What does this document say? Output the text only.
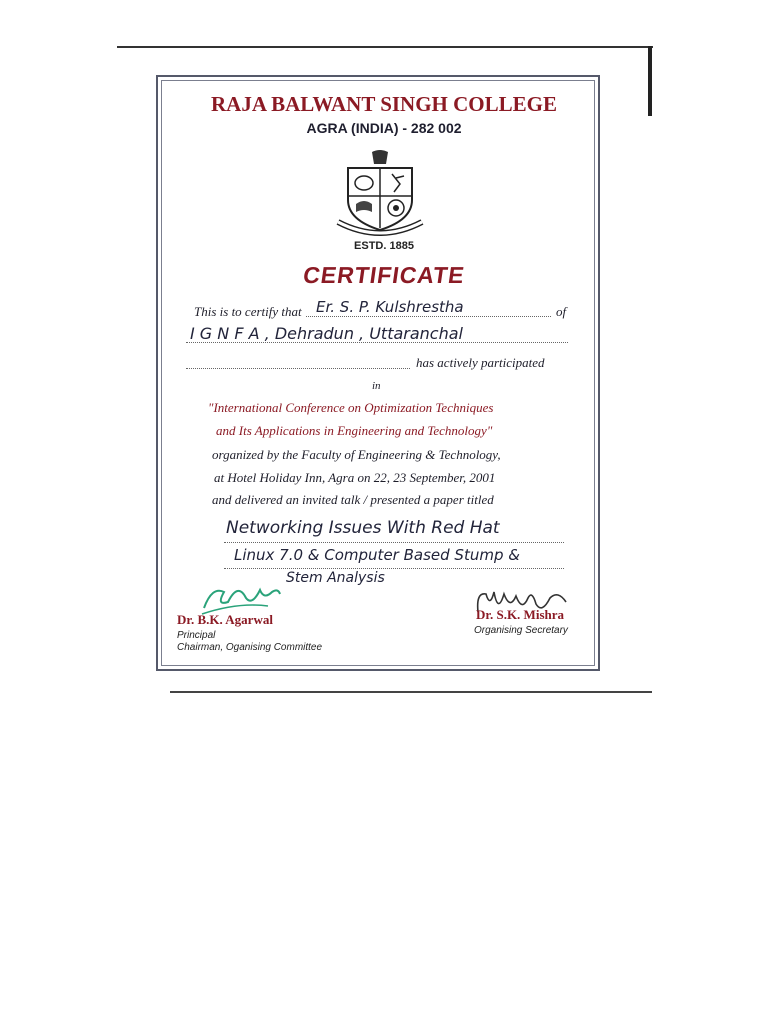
RAJA BALWANT SINGH COLLEGE
AGRA (INDIA) - 282 002
ESTD. 1885
CERTIFICATE
This is to certify that Er. S. P. Kulshrestha	of
I G N F A , Dehradun , Uttaranchal
has actively participated
in
"International Conference on Optimization Techniques
and Its Applications in Engineering and Technology"
organized by the Faculty of Engineering & Technology,
at Hotel Holiday Inn, Agra on 22, 23 September, 2001
and delivered an invited talk / presented a paper titled
Networking Issues With Red Hat
Linux 7.0 & Computer Based Stump &
Stem Analysis
Dr. B.K. Agarwal
Principal
Chairman, Oganising Committee
Dr. S.K. Mishra
Organising Secretary
